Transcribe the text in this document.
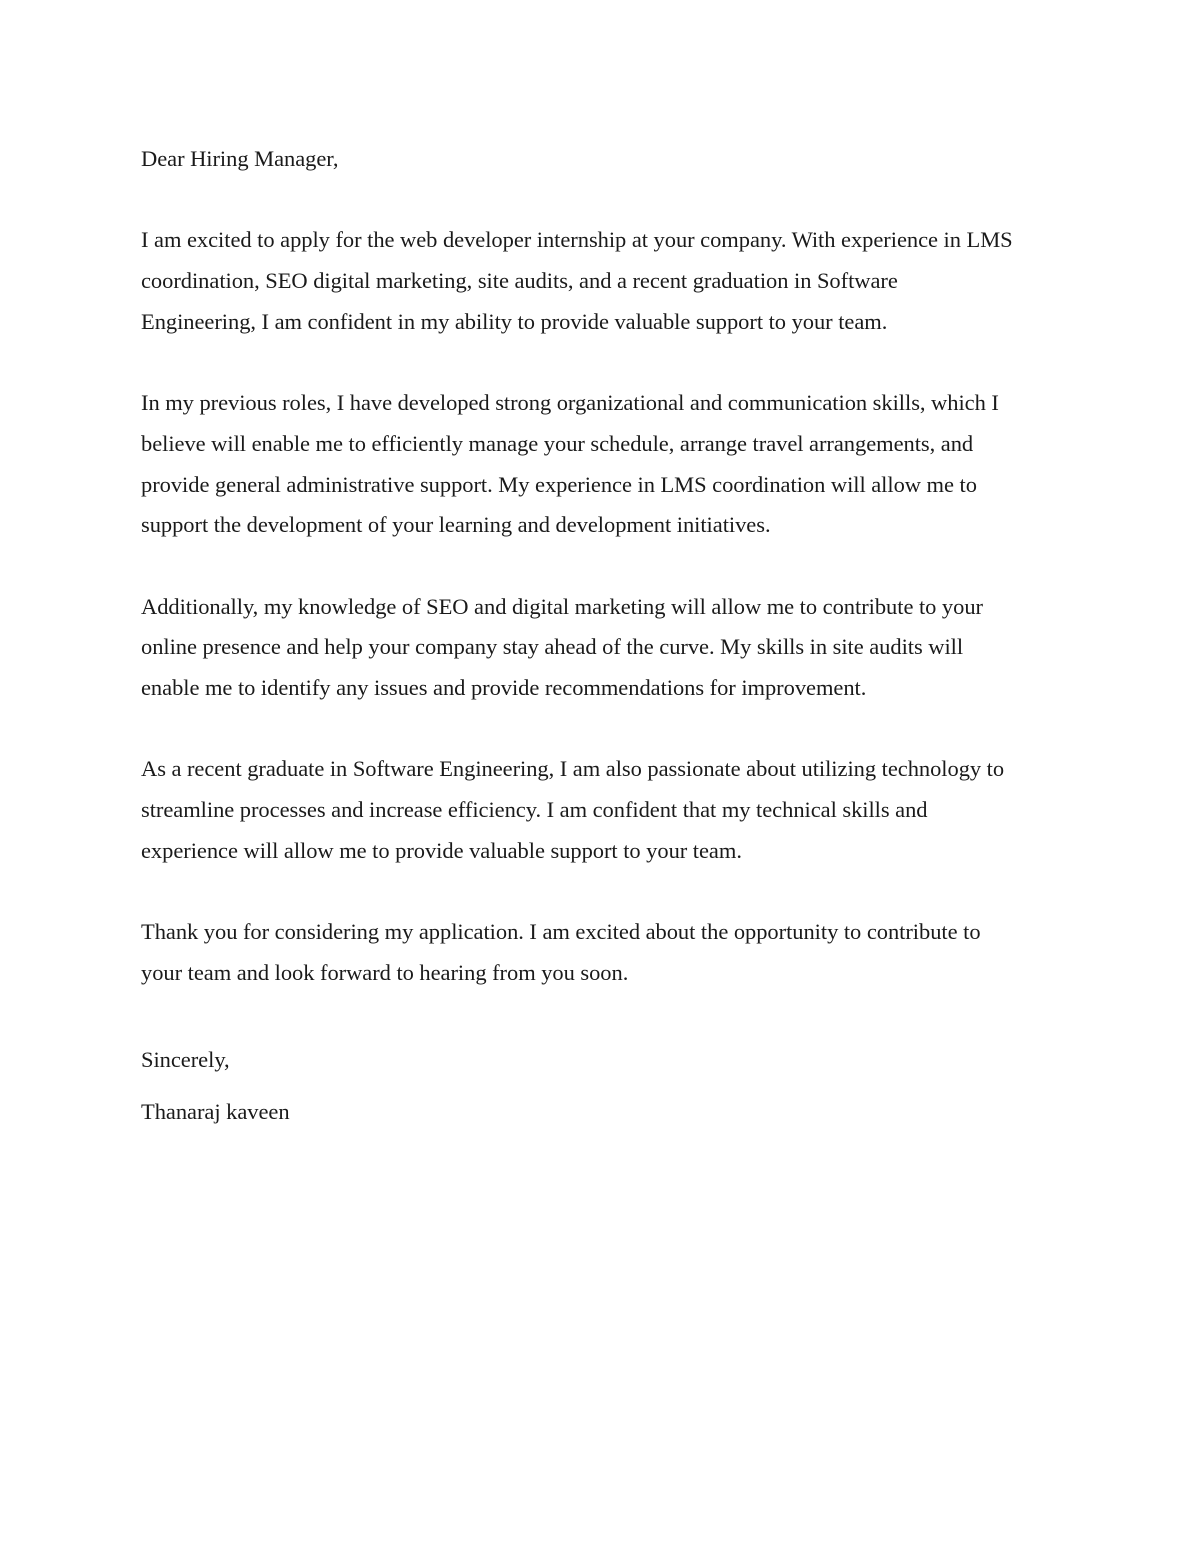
Dear Hiring Manager,
I am excited to apply for the web developer internship at your company. With experience in LMS
coordination, SEO digital marketing, site audits, and a recent graduation in Software
Engineering, I am confident in my ability to provide valuable support to your team.
In my previous roles, I have developed strong organizational and communication skills, which I
believe will enable me to efficiently manage your schedule, arrange travel arrangements, and
provide general administrative support. My experience in LMS coordination will allow me to
support the development of your learning and development initiatives.
Additionally, my knowledge of SEO and digital marketing will allow me to contribute to your
online presence and help your company stay ahead of the curve. My skills in site audits will
enable me to identify any issues and provide recommendations for improvement.
As a recent graduate in Software Engineering, I am also passionate about utilizing technology to
streamline processes and increase efficiency. I am confident that my technical skills and
experience will allow me to provide valuable support to your team.
Thank you for considering my application. I am excited about the opportunity to contribute to
your team and look forward to hearing from you soon.
Sincerely,
Thanaraj kaveen
